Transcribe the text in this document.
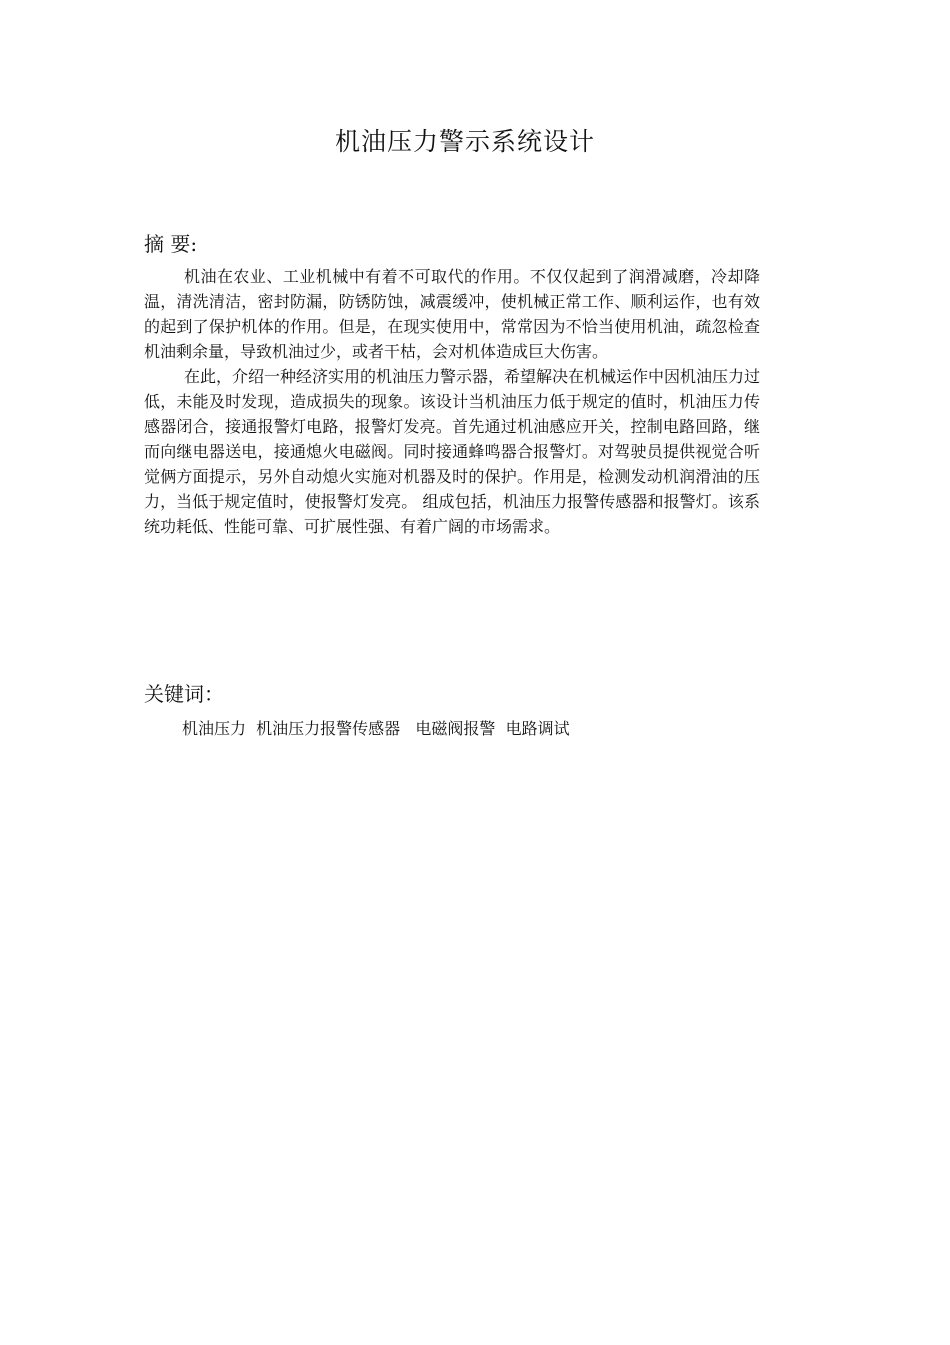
机油压力警示系统设计
摘 要:

机油在农业、工业机械中有着不可取代的作用。不仅仅起到了润滑减磨，冷却降温，清洗清洁，密封防漏，防锈防蚀，减震缓冲，使机械正常工作、顺利运作，也有效的起到了保护机体的作用。但是，在现实使用中，常常因为不恰当使用机油，疏忽检查机油剩余量，导致机油过少，或者干枯，会对机体造成巨大伤害。

在此，介绍一种经济实用的机油压力警示器，希望解决在机械运作中因机油压力过低，未能及时发现，造成损失的现象。该设计当机油压力低于规定的值时，机油压力传感器闭合，接通报警灯电路，报警灯发亮。首先通过机油感应开关，控制电路回路，继而向继电器送电，接通熄火电磁阀。同时接通蜂鸣器合报警灯。对驾驶员提供视觉合听觉俩方面提示，另外自动熄火实施对机器及时的保护。作用是，检测发动机润滑油的压力，当低于规定值时，使报警灯发亮。 组成包括，机油压力报警传感器和报警灯。该系统功耗低、性能可靠、可扩展性强、有着广阔的市场需求。

关键词：
机油压力  机油压力报警传感器   电磁阀报警  电路调试
